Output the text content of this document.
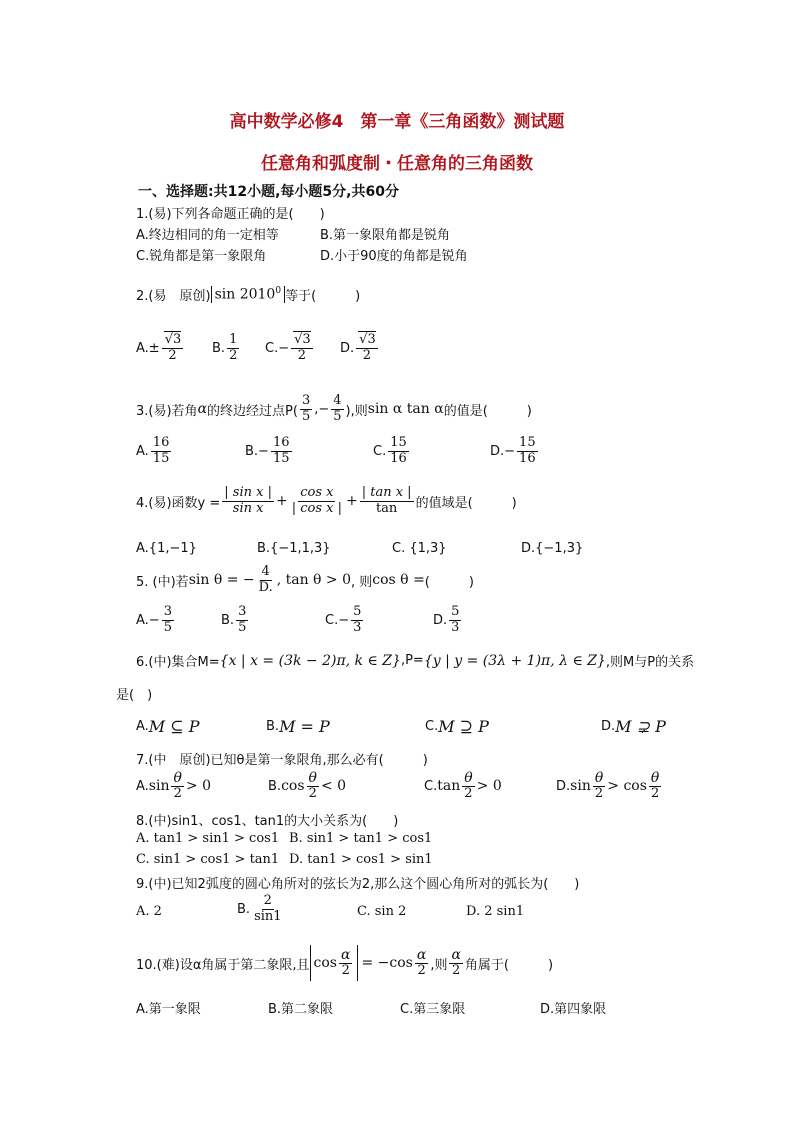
高中数学必修4　第一章《三角函数》测试题
任意角和弧度制・任意角的三角函数
一、选择题:共12小题,每小题5分,共60分
1.(易)下列各命题正确的是(　　)
A.终边相同的角一定相等	B.第一象限角都是锐角
C.锐角都是第一象限角	D.小于90度的角都是锐角
2.(易　原创) sin 2010$^0$ 等于(　　　)
$A.\pm \frac{√3}{2} B$. $\frac{1}{2} C.- \frac{√3}{2} D$. $\frac{√3}{2}$
3.(易)若角 α 的终边经过点$P( \frac{3}{5}$ ,− $\frac{4}{5}$ ),则 sin α tan α 的值是(　　　)
A. $\frac{16}{15}$	$B.- \frac{16}{15}$	C. $\frac{15}{16}$	$D.- \frac{15}{16}$
4.(易)函数$y = \frac{\text{| sin x |}}{\text{sin x}} + \frac{\text{cos x}}{\text{| cos x |}} + \frac{\text{| tan x |}}{\tan}$ 的值域是(　　　)
A.{1,−1}	B.{−1,1,3}	C. {1,3}	D.{−1,3}
5. (中)若 sin θ = − $\frac{4}{D.}$ , tan θ > 0 , 则 cos θ = (　　　)
$A.- \frac{3}{5}$	B. $\frac{3}{5}$	$C.- \frac{5}{3}$	D. $\frac{5}{3}$
6.(中)集合M= {x | x = (3k − 2)π, k ∈ Z} ,P= {y | y = (3λ + 1)π, λ ∈ Z} ,则M与P的关系
是(　)
A. M ⊆ P	B. M = P	C. M ⊇ P	D. M ⊋ P
7.(中　原创)已知θ是第一象限角,那么必有(　　　)
A. $\sin \frac{\theta}{2} > 0$	B. $\cos \frac{\theta}{2} < 0$	C. $\tan \frac{\theta}{2} > 0$	D. $\sin \frac{\theta}{2} > \cos \frac{\theta}{2}$
8.(中)sin1、cos1、tan1的大小关系为(　　)
A. tan1 > sin1 > cos1 B. sin1 > tan1 > cos1
C. sin1 > cos1 > tan1 D. tan1 > cos1 > sin1
9.(中)已知2弧度的圆心角所对的弦长为2,那么这个圆心角所对的弧长为(　　)
A. 2	B. $\frac{2}{\sin 1}$	C. sin 2	D. 2 sin1
10.(难)设α角属于第二象限,且 $\cos \frac{\alpha}{2} = -\cos \frac{\alpha}{2}$ ,则 $\frac{\alpha}{2}$ 角属于(　　　)
A.第一象限	B.第二象限	C.第三象限	D.第四象限
